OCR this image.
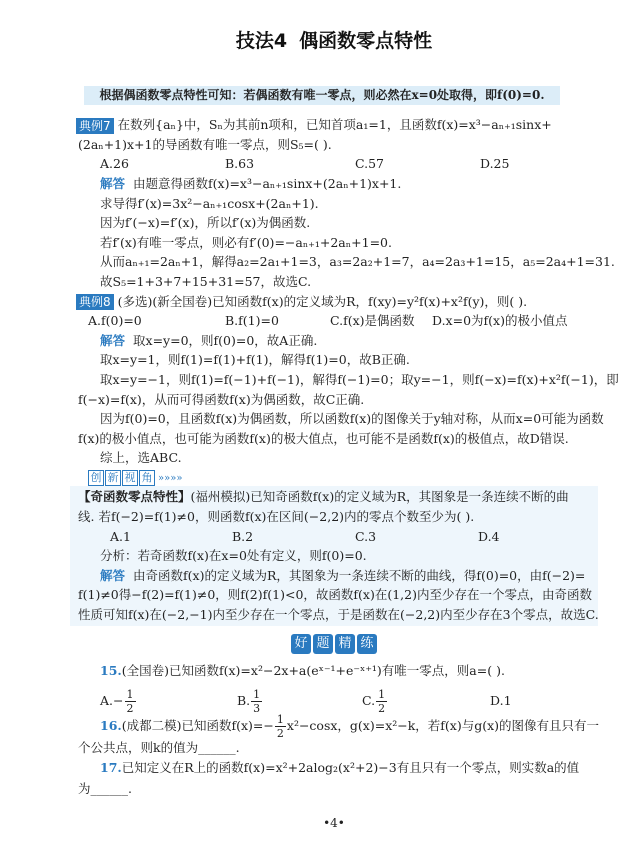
技法4 偶函数零点特性
根据偶函数零点特性可知：若偶函数有唯一零点，则必然在x=0处取得，即f(0)=0.
典例7 在数列{aₙ}中，Sₙ为其前n项和，已知首项a₁=1，且函数f(x)=x³−aₙ₊₁sinx+
(2aₙ+1)x+1的导函数有唯一零点，则S₅=( ).
A.26	B.63	C.57	D.25
解答 由题意得函数f(x)=x³−aₙ₊₁sinx+(2aₙ+1)x+1.
求导得f′(x)=3x²−aₙ₊₁cosx+(2aₙ+1).
因为f′(−x)=f′(x)，所以f′(x)为偶函数.
若f′(x)有唯一零点，则必有f′(0)=−aₙ₊₁+2aₙ+1=0.
从而aₙ₊₁=2aₙ+1，解得a₂=2a₁+1=3，a₃=2a₂+1=7，a₄=2a₃+1=15，a₅=2a₄+1=31.
故S₅=1+3+7+15+31=57，故选C.
典例8 (多选)(新全国卷)已知函数f(x)的定义域为R，f(xy)=y²f(x)+x²f(y)，则( ).
A.f(0)=0	B.f(1)=0	C.f(x)是偶函数 D.x=0为f(x)的极小值点
解答 取x=y=0，则f(0)=0，故A正确.
取x=y=1，则f(1)=f(1)+f(1)，解得f(1)=0，故B正确.
取x=y=−1，则f(1)=f(−1)+f(−1)，解得f(−1)=0；取y=−1，则f(−x)=f(x)+x²f(−1)，即
f(−x)=f(x)，从而可得函数f(x)为偶函数，故C正确.
因为f(0)=0，且函数f(x)为偶函数，所以函数f(x)的图像关于y轴对称，从而x=0可能为函数
f(x)的极小值点，也可能为函数f(x)的极大值点，也可能不是函数f(x)的极值点，故D错误.
综上，选ABC.
创 新 视 角 »»»»
【奇函数零点特性】(福州模拟)已知奇函数f(x)的定义域为R，其图象是一条连续不断的曲
线. 若f(−2)=f(1)≠0，则函数f(x)在区间(−2,2)内的零点个数至少为( ).
A.1	B.2	C.3	D.4
分析：若奇函数f(x)在x=0处有定义，则f(0)=0.
解答 由奇函数f(x)的定义域为R，其图象为一条连续不断的曲线，得f(0)=0，由f(−2)=
f(1)≠0得−f(2)=f(1)≠0，则f(2)f(1)<0，故函数f(x)在(1,2)内至少存在一个零点，由奇函数
性质可知f(x)在(−2,−1)内至少存在一个零点，于是函数在(−2,2)内至少存在3个零点，故选C.
好 题 精 练
15.(全国卷)已知函数f(x)=x²−2x+a(eˣ⁻¹+e⁻ˣ⁺¹)有唯一零点，则a=( ).
$A.- \frac{1}{2}$	B. $\frac{1}{3}$	C. $\frac{1}{2}$	D.1
16.(成都二模)已知函数$f(x)=- \frac{1}{2} x^2-\cos x$，g(x)=x²−k，若f(x)与g(x)的图像有且只有一
个公共点，则k的值为______.
17.已知定义在R上的函数f(x)=x²+2alog₂(x²+2)−3有且只有一个零点，则实数a的值
为______.
•4•
